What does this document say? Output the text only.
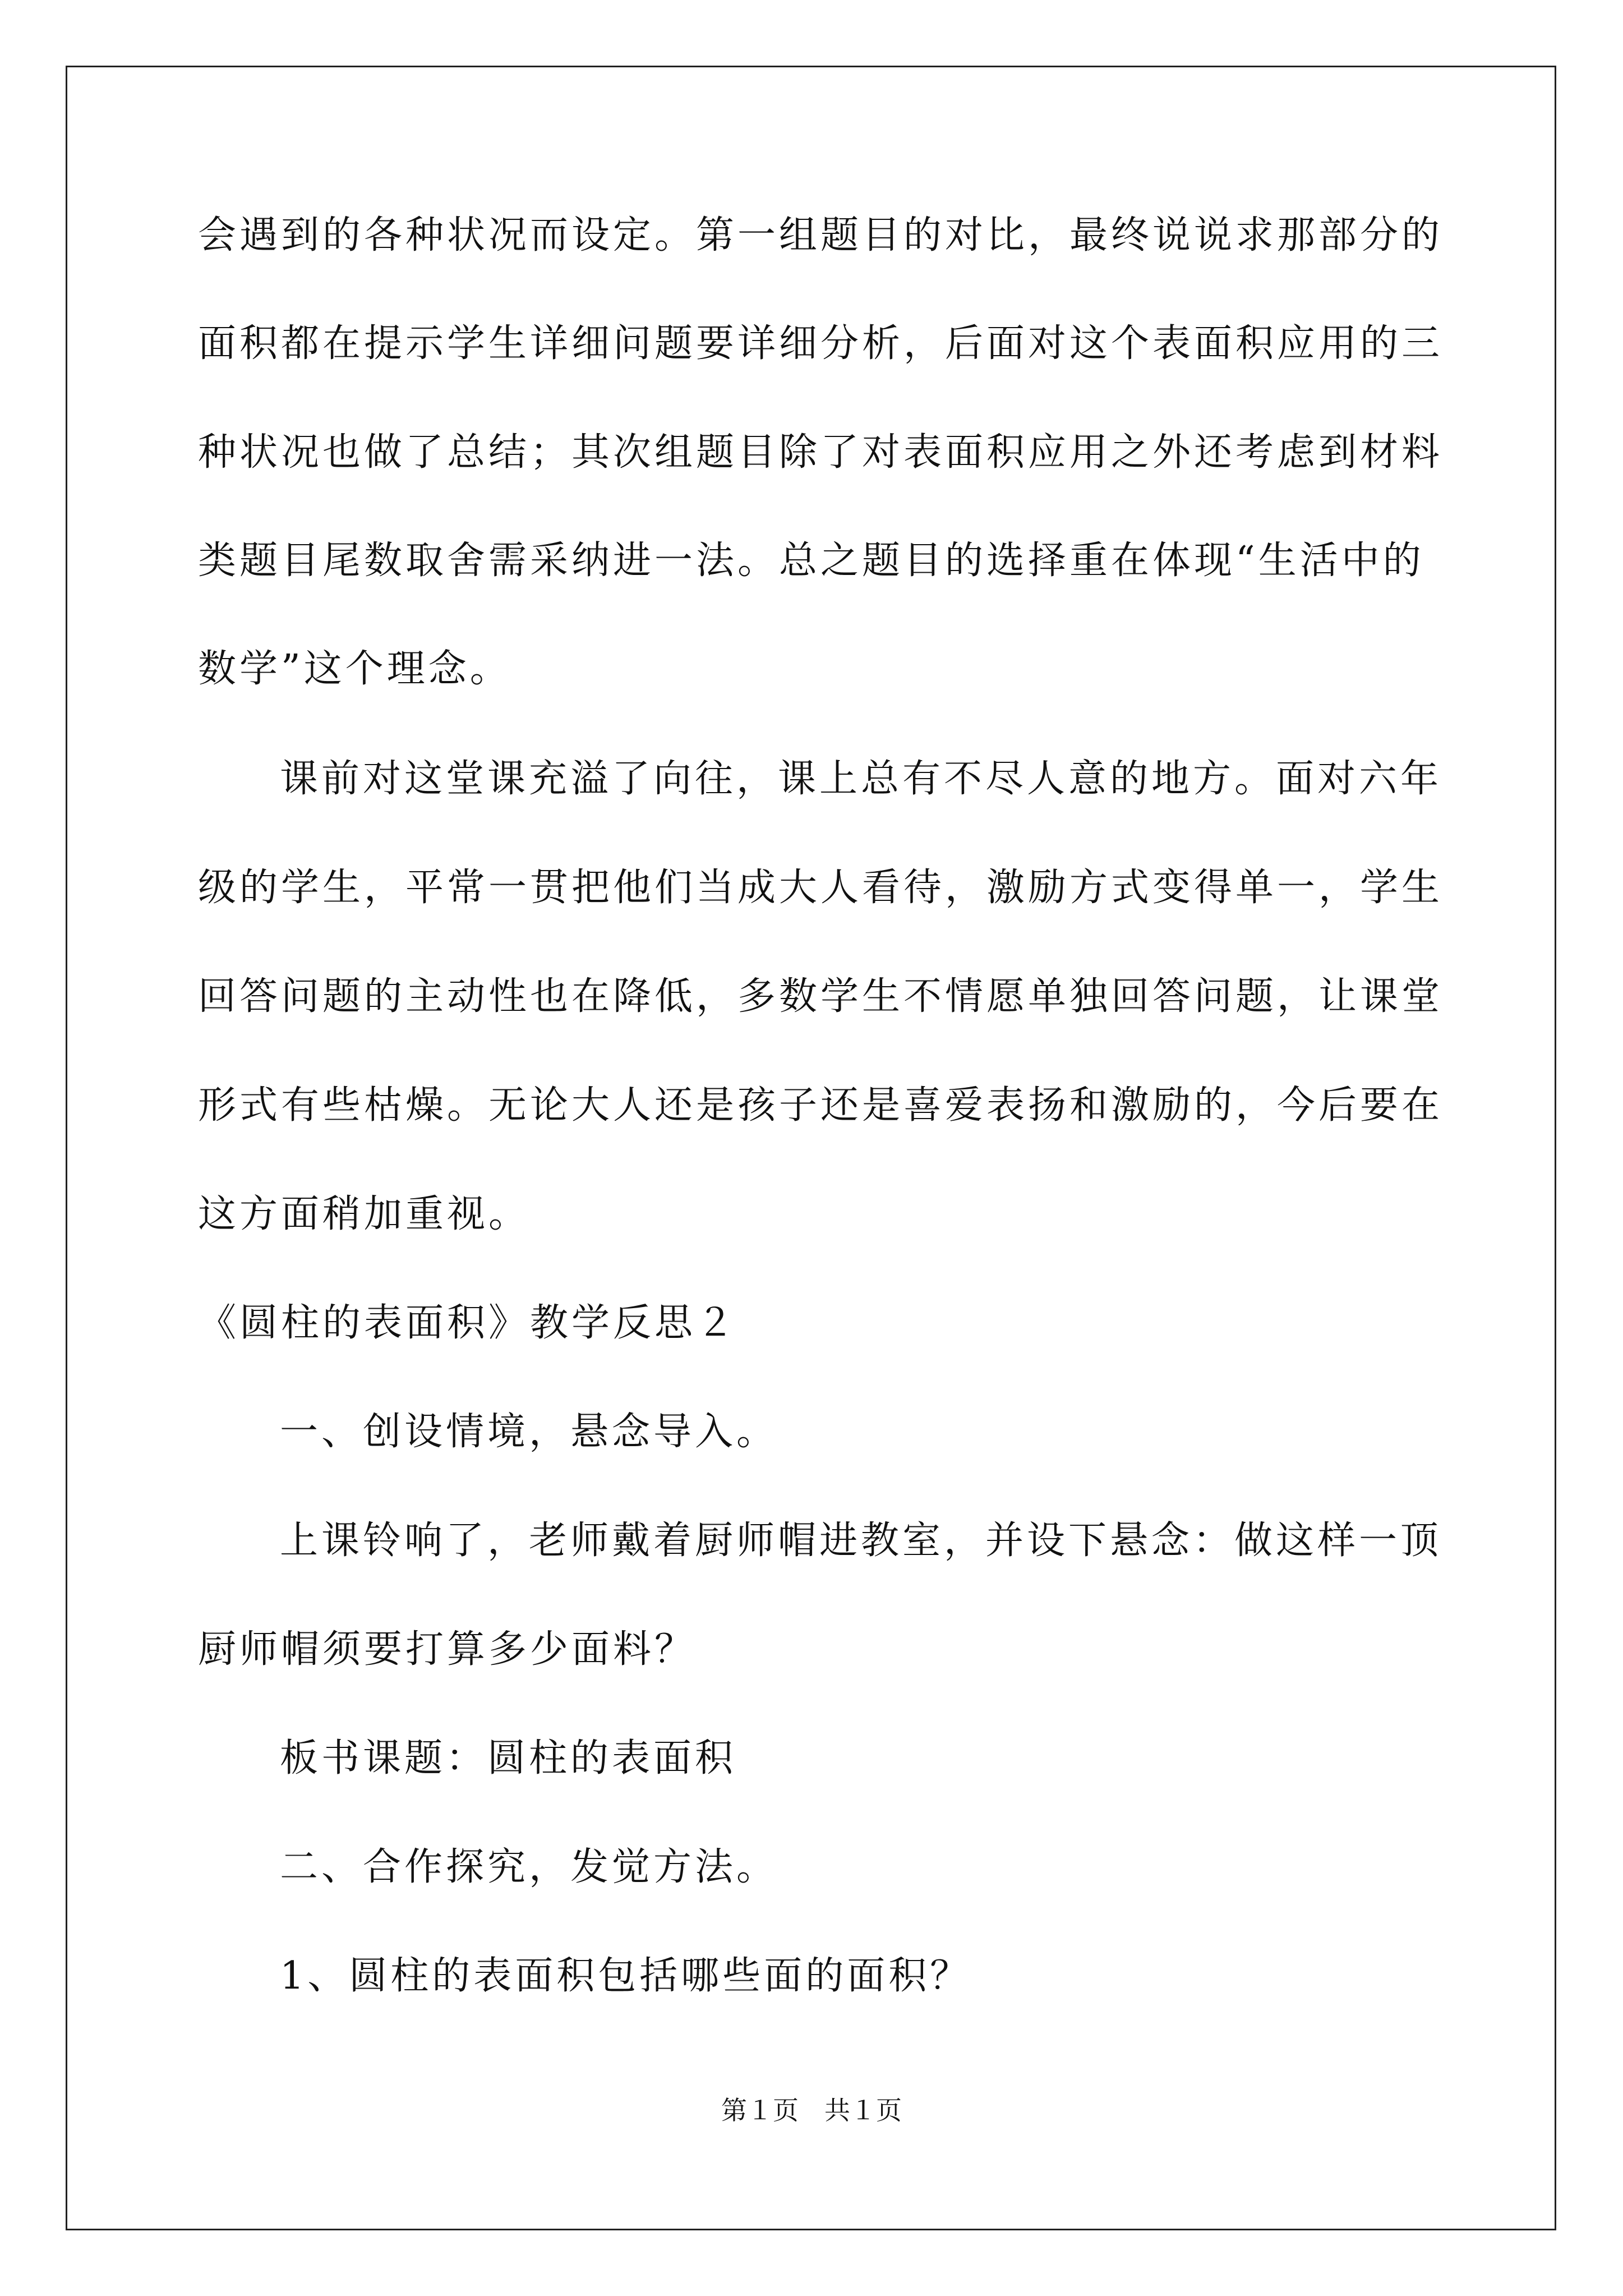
会遇到的各种状况而设定。第一组题目的对比，最终说说求那部分的
面积都在提示学生详细问题要详细分析，后面对这个表面积应用的三
种状况也做了总结；其次组题目除了对表面积应用之外还考虑到材料
类题目尾数取舍需采纳进一法。总之题目的选择重在体现“生活中的
数学”这个理念。
课前对这堂课充溢了向往，课上总有不尽人意的地方。面对六年
级的学生，平常一贯把他们当成大人看待，激励方式变得单一，学生
回答问题的主动性也在降低，多数学生不情愿单独回答问题，让课堂
形式有些枯燥。无论大人还是孩子还是喜爱表扬和激励的，今后要在
这方面稍加重视。
《圆柱的表面积》教学反思２
一、创设情境，悬念导入。
上课铃响了，老师戴着厨师帽进教室，并设下悬念：做这样一顶
厨师帽须要打算多少面料？
板书课题：圆柱的表面积
二、合作探究，发觉方法。
1、圆柱的表面积包括哪些面的面积？
第１页　共１页
